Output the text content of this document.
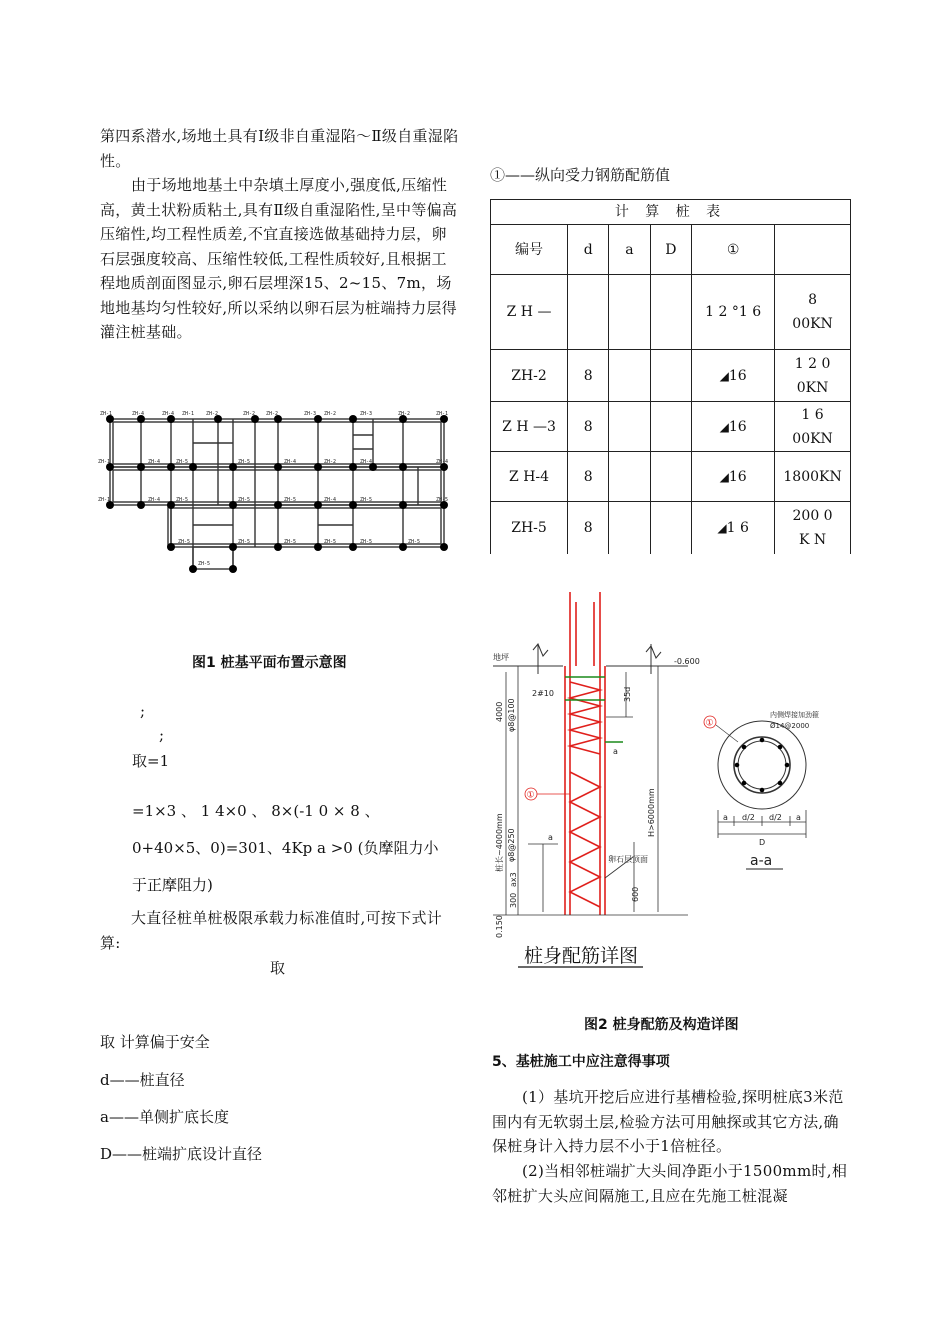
第四系潜水,场地土具有Ⅰ级非自重湿陷～Ⅱ级自重湿陷性。
由于场地地基土中杂填土厚度小,强度低,压缩性高，黄土状粉质粘土,具有Ⅱ级自重湿陷性,呈中等偏高压缩性,均工程性质差,不宜直接选做基础持力层，卵石层强度较高、压缩性较低,工程性质较好,且根据工程地质剖面图显示,卵石层埋深15、2~15、7m，场地地基均匀性较好,所以采纳以卵石层为桩端持力层得灌注桩基础。
ZH-1	ZH-4	ZH-4 ZH-1 ZH-2	ZH-2 ZH-2	ZH-3 ZH-2	ZH-3	ZH-2	ZH-1
ZH-1	ZH-4	ZH-5	ZH-5	ZH-4	ZH-2	ZH-4	ZH-4
ZH-1	ZH-4	ZH-5	ZH-5	ZH-5	ZH-4	ZH-5	ZH-5
ZH-5	ZH-5	ZH-5	ZH-5	ZH-5	ZH-5
ZH-5
图1 桩基平面布置示意图
;
;
取=1
=1×3 、 1 4×0 、 8×(-1 0 × 8 、
0+40×5、0)=301、4Kp a >0 (负摩阻力小
于正摩阻力)
大直径桩单桩极限承载力标准值时,可按下式计算:
取
取 计算偏于安全
d——桩直径
a——单侧扩底长度
D——桩端扩底设计直径
①——纵向受力钢筋配筋值
计 算 桩 表					
编号	d	a	D	①	
Z H —				1 2 °1 6	8 00KN
ZH-2	8			◢16	1 2 0 0KN
Z H —3	8			◢16	1 6 00KN
Z H-4	8			◢16	1800KN
ZH-5	8			◢1 6	200 0 K N
地坪	-0.600
2#10	35d
4000 φ8@100
桩长~4000mm φ8@250
H>6000mm
ax3
300
0.150
600
a
a
卵石层顶面
①
①
内侧焊接加劲箍
Ø14@2000
a d/2 d/2 a
D
a-a
桩身配筋详图
图2 桩身配筋及构造详图
5、基桩施工中应注意得事项
(1）基坑开挖后应进行基槽检验,探明桩底3米范围内有无软弱土层,检验方法可用触探或其它方法,确保桩身计入持力层不小于1倍桩径。
(2)当相邻桩端扩大头间净距小于1500mm时,相邻桩扩大头应间隔施工,且应在先施工桩混凝
